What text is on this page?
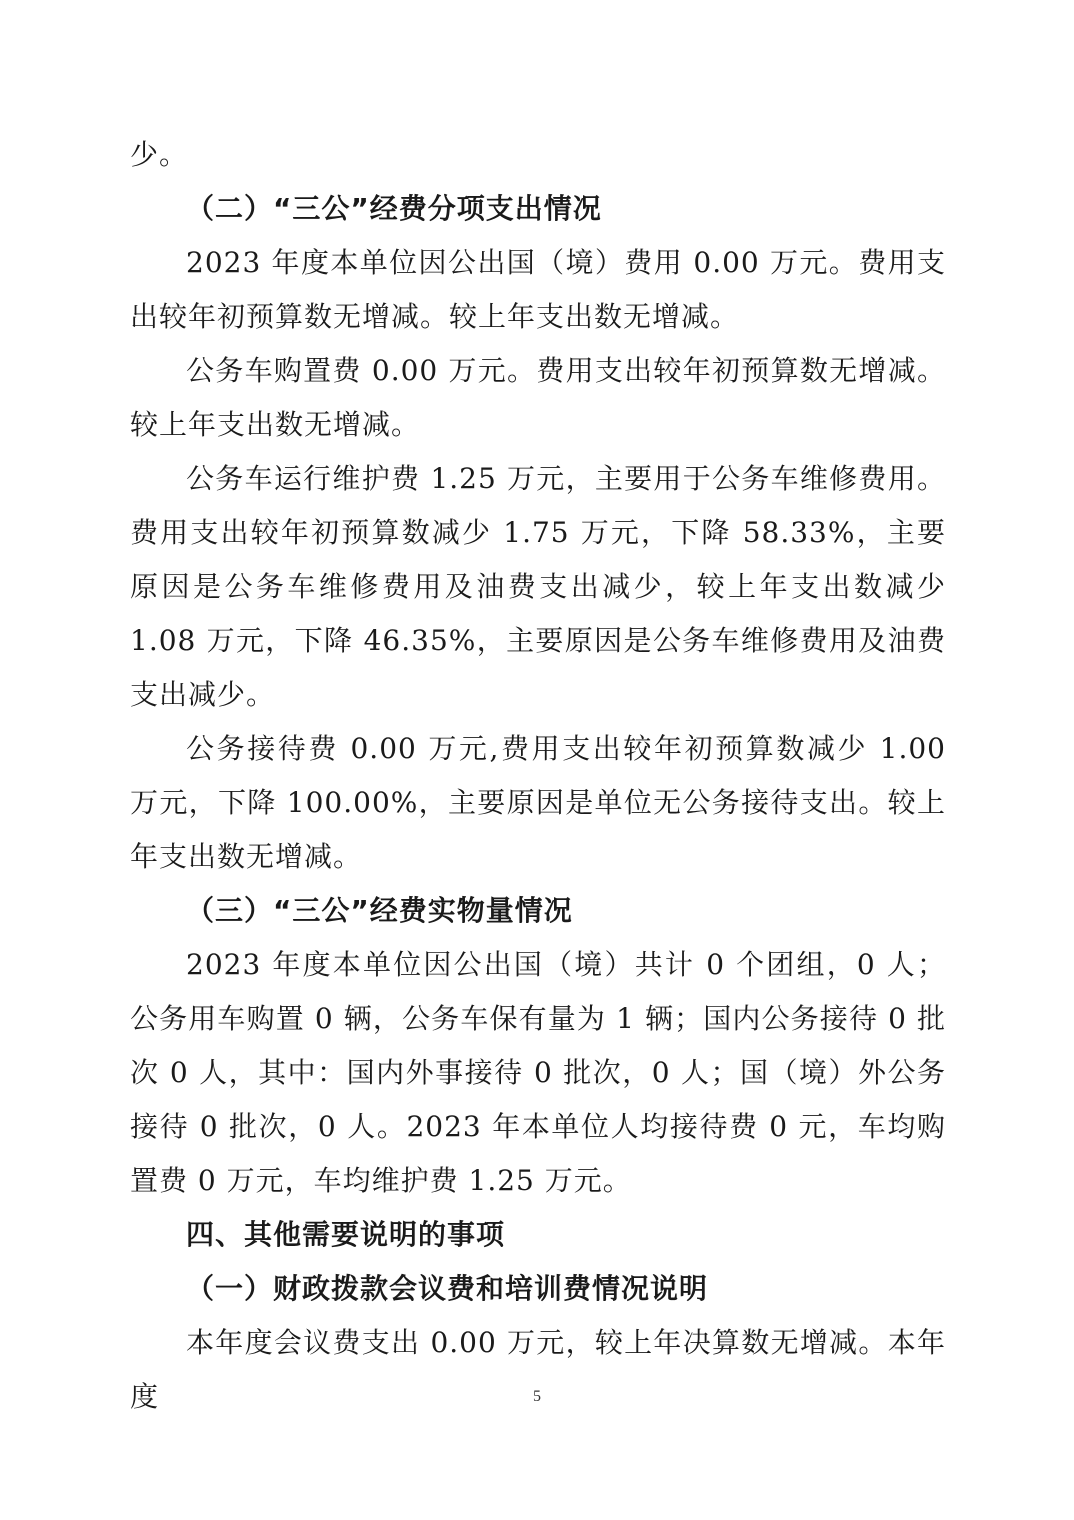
少。

（二）“三公”经费分项支出情况

2023 年度本单位因公出国（境）费用 0.00 万元。费用支出较年初预算数无增减。较上年支出数无增减。

公务车购置费 0.00 万元。费用支出较年初预算数无增减。较上年支出数无增减。

公务车运行维护费 1.25 万元，主要用于公务车维修费用。费用支出较年初预算数减少 1.75 万元，下降 58.33%，主要原因是公务车维修费用及油费支出减少，较上年支出数减少 1.08 万元，下降 46.35%，主要原因是公务车维修费用及油费支出减少。

公务接待费 0.00 万元,费用支出较年初预算数减少 1.00 万元，下降 100.00%，主要原因是单位无公务接待支出。较上年支出数无增减。

（三）“三公”经费实物量情况

2023 年度本单位因公出国（境）共计 0 个团组，0 人；公务用车购置 0 辆，公务车保有量为 1 辆；国内公务接待 0 批次 0 人，其中：国内外事接待 0 批次，0 人；国（境）外公务接待 0 批次，0 人。2023 年本单位人均接待费 0 元，车均购置费 0 万元，车均维护费 1.25 万元。

四、其他需要说明的事项

（一）财政拨款会议费和培训费情况说明

本年度会议费支出 0.00 万元，较上年决算数无增减。本年度	5
